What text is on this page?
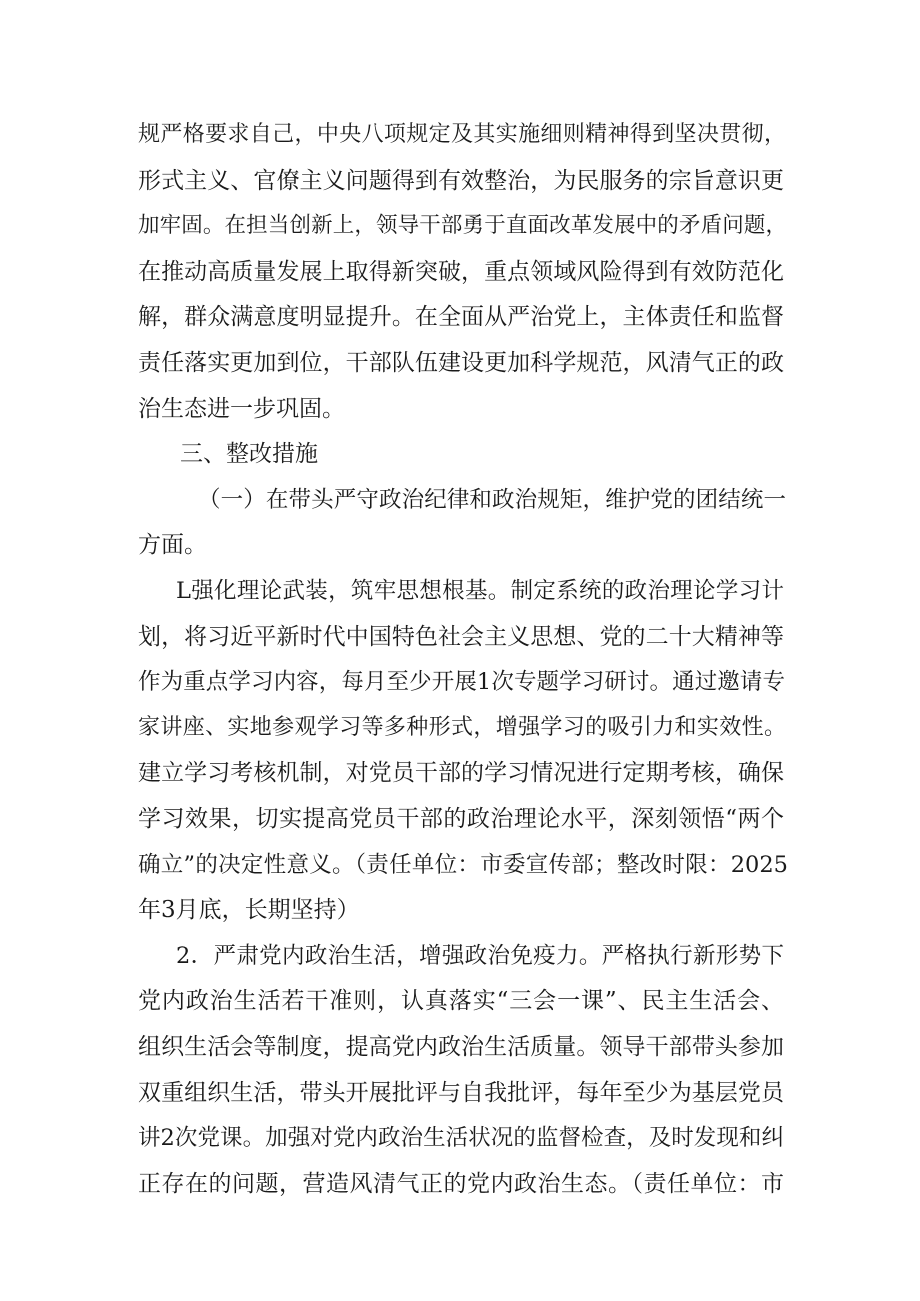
规严格要求自己，中央八项规定及其实施细则精神得到坚决贯彻，

形式主义、官僚主义问题得到有效整治，为民服务的宗旨意识更

加牢固。在担当创新上，领导干部勇于直面改革发展中的矛盾问题，

在推动高质量发展上取得新突破，重点领域风险得到有效防范化

解，群众满意度明显提升。在全面从严治党上，主体责任和监督

责任落实更加到位，干部队伍建设更加科学规范，风清气正的政

治生态进一步巩固。

三、整改措施

（一）在带头严守政治纪律和政治规矩，维护党的团结统一

方面。

L强化理论武装，筑牢思想根基。制定系统的政治理论学习计

划，将习近平新时代中国特色社会主义思想、党的二十大精神等

作为重点学习内容，每月至少开展1次专题学习研讨。通过邀请专

家讲座、实地参观学习等多种形式，增强学习的吸引力和实效性。

建立学习考核机制，对党员干部的学习情况进行定期考核，确保

学习效果，切实提高党员干部的政治理论水平，深刻领悟“两个

确立”的决定性意义。（责任单位：市委宣传部；整改时限：2025

年3月底，长期坚持）

2．严肃党内政治生活，增强政治免疫力。严格执行新形势下

党内政治生活若干准则，认真落实“三会一课”、民主生活会、

组织生活会等制度，提高党内政治生活质量。领导干部带头参加

双重组织生活，带头开展批评与自我批评，每年至少为基层党员

讲2次党课。加强对党内政治生活状况的监督检查，及时发现和纠

正存在的问题，营造风清气正的党内政治生态。（责任单位：市
